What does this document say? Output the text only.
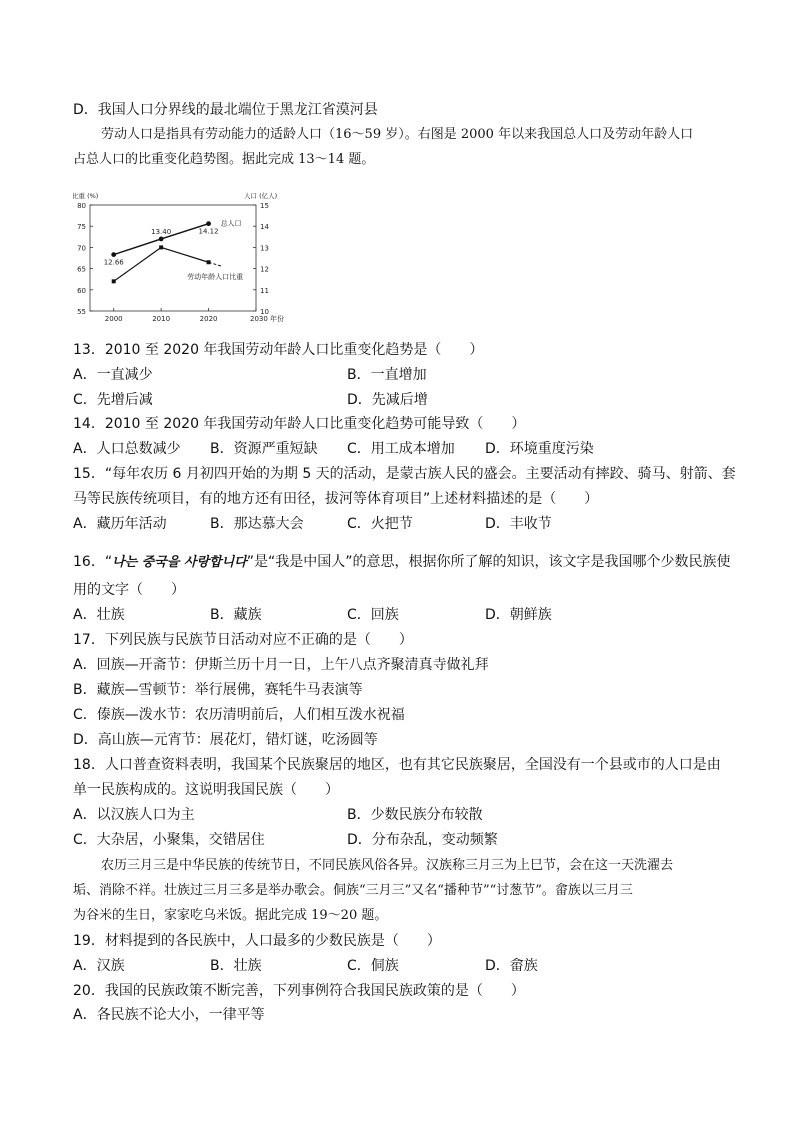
D．我国人口分界线的最北端位于黑龙江省漠河县
劳动人口是指具有劳动能力的适龄人口（16～59 岁）。右图是 2000 年以来我国总人口及劳动年龄人口
占总人口的比重变化趋势图。据此完成 13～14 题。
80
75
70
65
60
55
15
14
13
12
11
10
比重 (%)	人口 (亿人)
2000	2010	2020	2030 年份
12.66
13.40	14.12
总人口
劳动年龄人口比重
13．2010 至 2020 年我国劳动年龄人口比重变化趋势是（　　）
A．一直减少	B．一直增加
C．先增后减	D．先减后增
14．2010 至 2020 年我国劳动年龄人口比重变化趋势可能导致（　　）
A．人口总数减少 B．资源严重短缺 C．用工成本增加 D．环境重度污染
15．“每年农历 6 月初四开始的为期 5 天的活动，是蒙古族人民的盛会。主要活动有摔跤、骑马、射箭、套
马等民族传统项目，有的地方还有田径，拔河等体育项目”上述材料描述的是（　　）
A．藏历年活动	B．那达慕大会	C．火把节	D．丰收节
16．“나는 중국을 사랑합니다”是“我是中国人”的意思，根据你所了解的知识，该文字是我国哪个少数民族使
用的文字（　　）
A．壮族	B．藏族	C．回族	D．朝鲜族
17．下列民族与民族节日活动对应不正确的是（　　）
A．回族—开斋节：伊斯兰历十月一日，上午八点齐聚清真寺做礼拜
B．藏族—雪顿节：举行展佛，赛牦牛马表演等
C．傣族—泼水节：农历清明前后，人们相互泼水祝福
D．高山族—元宵节：展花灯，错灯谜，吃汤圆等
18．人口普查资料表明，我国某个民族聚居的地区，也有其它民族聚居，全国没有一个县或市的人口是由
单一民族构成的。这说明我国民族（　　）
A．以汉族人口为主	B．少数民族分布较散
C．大杂居，小聚集，交错居住	D．分布杂乱，变动频繁
农历三月三是中华民族的传统节日，不同民族风俗各异。汉族称三月三为上巳节，会在这一天洗濯去
垢、消除不祥。壮族过三月三多是举办歌会。侗族“三月三”又名“播种节”“讨葱节”。畲族以三月三
为谷米的生日，家家吃乌米饭。据此完成 19～20 题。
19．材料提到的各民族中，人口最多的少数民族是（　　）
A．汉族	B．壮族	C．侗族	D．畲族
20．我国的民族政策不断完善，下列事例符合我国民族政策的是（　　）
A．各民族不论大小，一律平等
